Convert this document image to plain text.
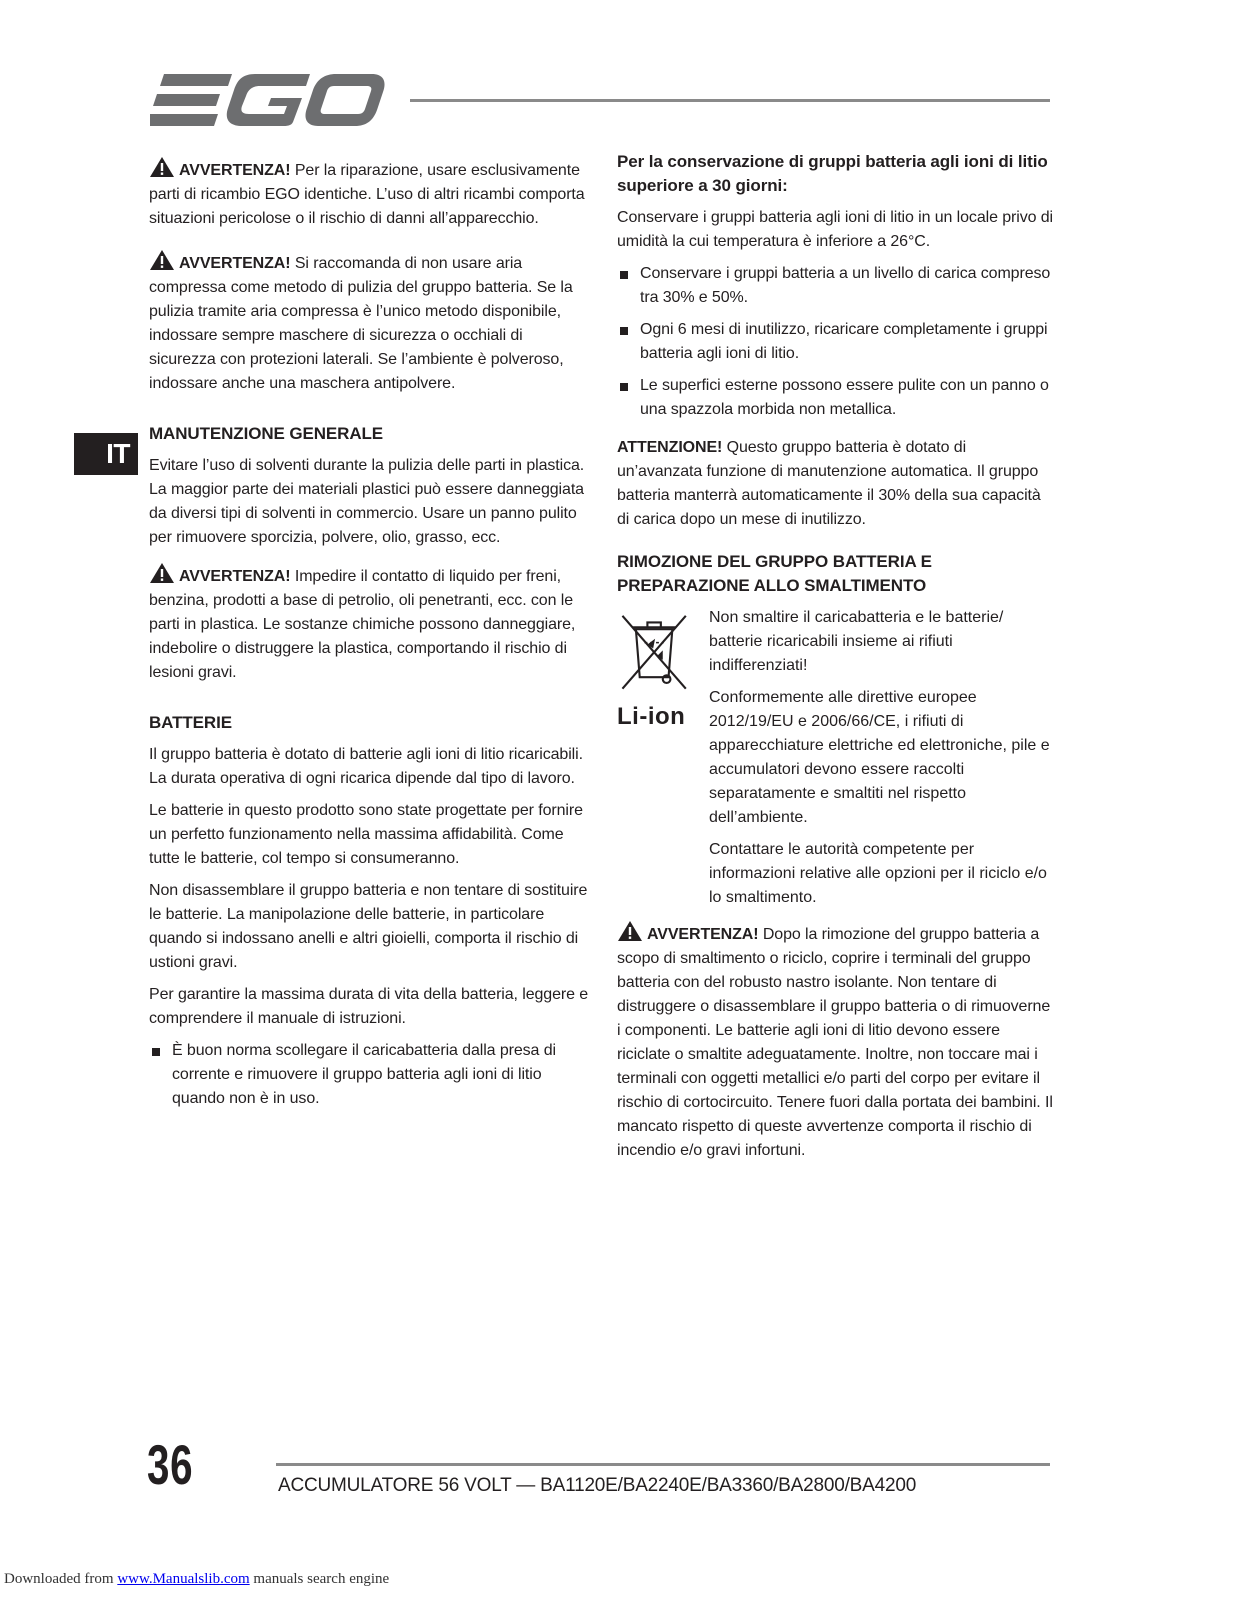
IT

AVVERTENZA! Per la riparazione, usare esclusivamente parti di ricambio EGO identiche. L’uso di altri ricambi comporta situazioni pericolose o il rischio di danni all’apparecchio.

AVVERTENZA! Si raccomanda di non usare aria compressa come metodo di pulizia del gruppo batteria. Se la pulizia tramite aria compressa è l’unico metodo disponibile, indossare sempre maschere di sicurezza o occhiali di sicurezza con protezioni laterali. Se l’ambiente è polveroso, indossare anche una maschera antipolvere.

MANUTENZIONE GENERALE

Evitare l’uso di solventi durante la pulizia delle parti in plastica. La maggior parte dei materiali plastici può essere danneggiata da diversi tipi di solventi in commercio. Usare un panno pulito per rimuovere sporcizia, polvere, olio, grasso, ecc.

AVVERTENZA! Impedire il contatto di liquido per freni, benzina, prodotti a base di petrolio, oli penetranti, ecc. con le parti in plastica. Le sostanze chimiche possono danneggiare, indebolire o distruggere la plastica, comportando il rischio di lesioni gravi.

BATTERIE

Il gruppo batteria è dotato di batterie agli ioni di litio ricaricabili. La durata operativa di ogni ricarica dipende dal tipo di lavoro.

Le batterie in questo prodotto sono state progettate per fornire un perfetto funzionamento nella massima affidabilità. Come tutte le batterie, col tempo si consumeranno.

Non disassemblare il gruppo batteria e non tentare di sostituire le batterie. La manipolazione delle batterie, in particolare quando si indossano anelli e altri gioielli, comporta il rischio di ustioni gravi.

Per garantire la massima durata di vita della batteria, leggere e comprendere il manuale di istruzioni.

È buon norma scollegare il caricabatteria dalla presa di corrente e rimuovere il gruppo batteria agli ioni di litio quando non è in uso.
Per la conservazione di gruppi batteria agli ioni di litio superiore a 30 giorni:

Conservare i gruppi batteria agli ioni di litio in un locale privo di umidità la cui temperatura è inferiore a 26°C.

Conservare i gruppi batteria a un livello di carica compreso tra 30% e 50%.
Ogni 6 mesi di inutilizzo, ricaricare completamente i gruppi batteria agli ioni di litio.
Le superfici esterne possono essere pulite con un panno o una spazzola morbida non metallica.

ATTENZIONE! Questo gruppo batteria è dotato di un’avanzata funzione di manutenzione automatica. Il gruppo batteria manterrà automaticamente il 30% della sua capacità di carica dopo un mese di inutilizzo.

RIMOZIONE DEL GRUPPO BATTERIA E
PREPARAZIONE ALLO SMALTIMENTO
Li-ion

Non smaltire il caricabatteria e le batterie/ batterie ricaricabili insieme ai rifiuti indifferenziati!

Conformemente alle direttive europee 2012/19/EU e 2006/66/CE, i rifiuti di apparecchiature elettriche ed elettroniche, pile e accumulatori devono essere raccolti separatamente e smaltiti nel rispetto dell’ambiente.

Contattare le autorità competente per informazioni relative alle opzioni per il riciclo e/o lo smaltimento.

AVVERTENZA! Dopo la rimozione del gruppo batteria a scopo di smaltimento o riciclo, coprire i terminali del gruppo batteria con del robusto nastro isolante. Non tentare di distruggere o disassemblare il gruppo batteria o di rimuoverne i componenti. Le batterie agli ioni di litio devono essere riciclate o smaltite adeguatamente. Inoltre, non toccare mai i terminali con oggetti metallici e/o parti del corpo per evitare il rischio di cortocircuito. Tenere fuori dalla portata dei bambini. Il mancato rispetto di queste avvertenze comporta il rischio di incendio e/o gravi infortuni.

36	ACCUMULATORE 56 VOLT — BA1120E/BA2240E/BA3360/BA2800/BA4200
Downloaded from www.Manualslib.com manuals search engine
